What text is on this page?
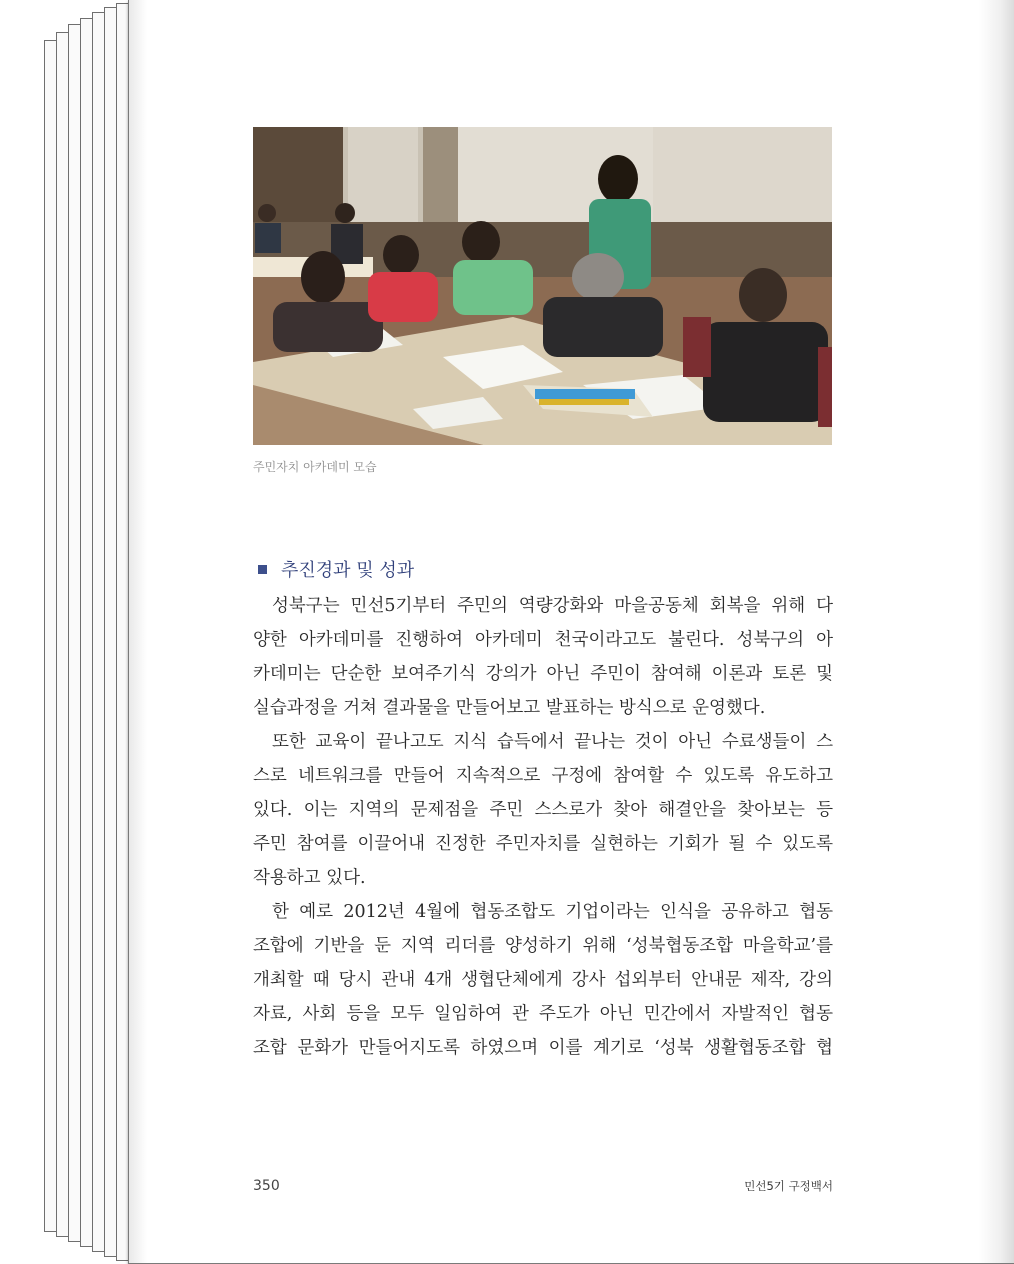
주민자치 아카데미 모습
추진경과 및 성과
성북구는 민선5기부터 주민의 역량강화와 마을공동체 회복을 위해 다
양한 아카데미를 진행하여 아카데미 천국이라고도 불린다. 성북구의 아
카데미는 단순한 보여주기식 강의가 아닌 주민이 참여해 이론과 토론 및
실습과정을 거쳐 결과물을 만들어보고 발표하는 방식으로 운영했다.
또한 교육이 끝나고도 지식 습득에서 끝나는 것이 아닌 수료생들이 스
스로 네트워크를 만들어 지속적으로 구정에 참여할 수 있도록 유도하고
있다. 이는 지역의 문제점을 주민 스스로가 찾아 해결안을 찾아보는 등
주민 참여를 이끌어내 진정한 주민자치를 실현하는 기회가 될 수 있도록
작용하고 있다.
한 예로 2012년 4월에 협동조합도 기업이라는 인식을 공유하고 협동
조합에 기반을 둔 지역 리더를 양성하기 위해 ‘성북협동조합 마을학교’를
개최할 때 당시 관내 4개 생협단체에게 강사 섭외부터 안내문 제작, 강의
자료, 사회 등을 모두 일임하여 관 주도가 아닌 민간에서 자발적인 협동
조합 문화가 만들어지도록 하였으며 이를 계기로 ‘성북 생활협동조합 협
350	민선5기 구정백서
